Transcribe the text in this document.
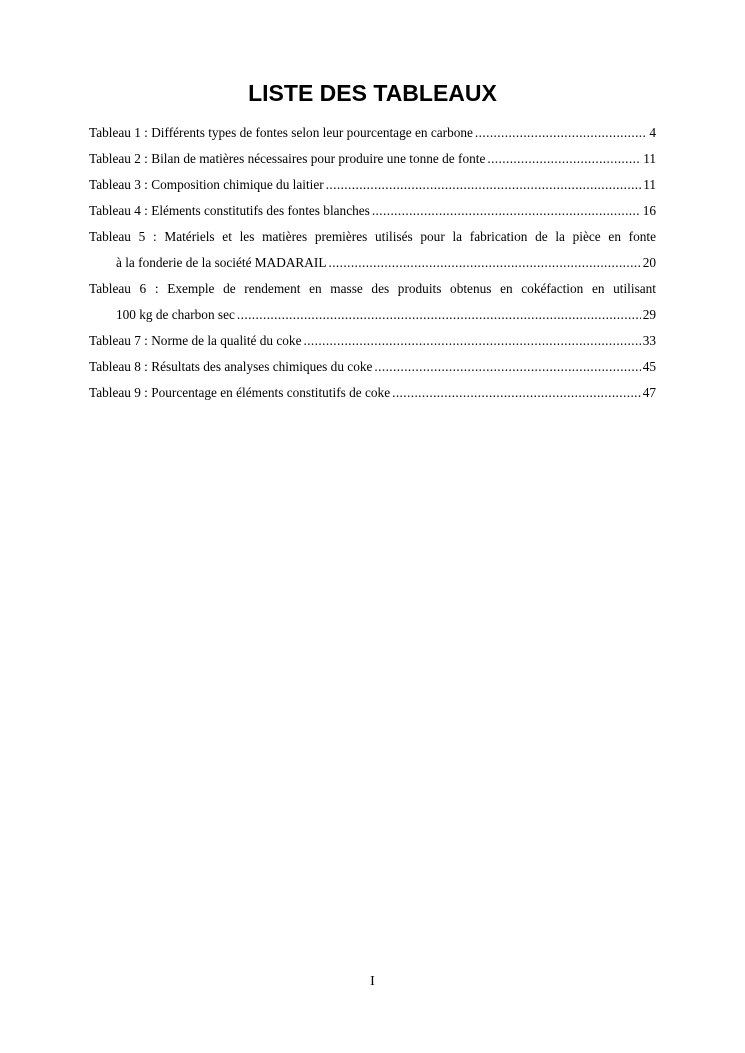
LISTE DES TABLEAUX
Tableau 1 : Différents types de fontes selon leur pourcentage en carbone .....	4
Tableau 2 : Bilan de matières nécessaires pour produire une tonne de fonte .....	11
Tableau 3 : Composition chimique du laitier .....	11
Tableau 4 : Eléments constitutifs des fontes blanches .....	16
Tableau 5 : Matériels et les matières premières utilisés pour la fabrication de la pièce en fonte
à la fonderie de la société MADARAIL .....	20
Tableau 6 : Exemple de rendement en masse des produits obtenus en cokéfaction en utilisant
100 kg de charbon sec .....	29
Tableau 7 : Norme de la qualité du coke .....	33
Tableau 8 : Résultats des analyses chimiques du coke .....	45
Tableau 9 : Pourcentage en éléments constitutifs de coke .....	47
I
